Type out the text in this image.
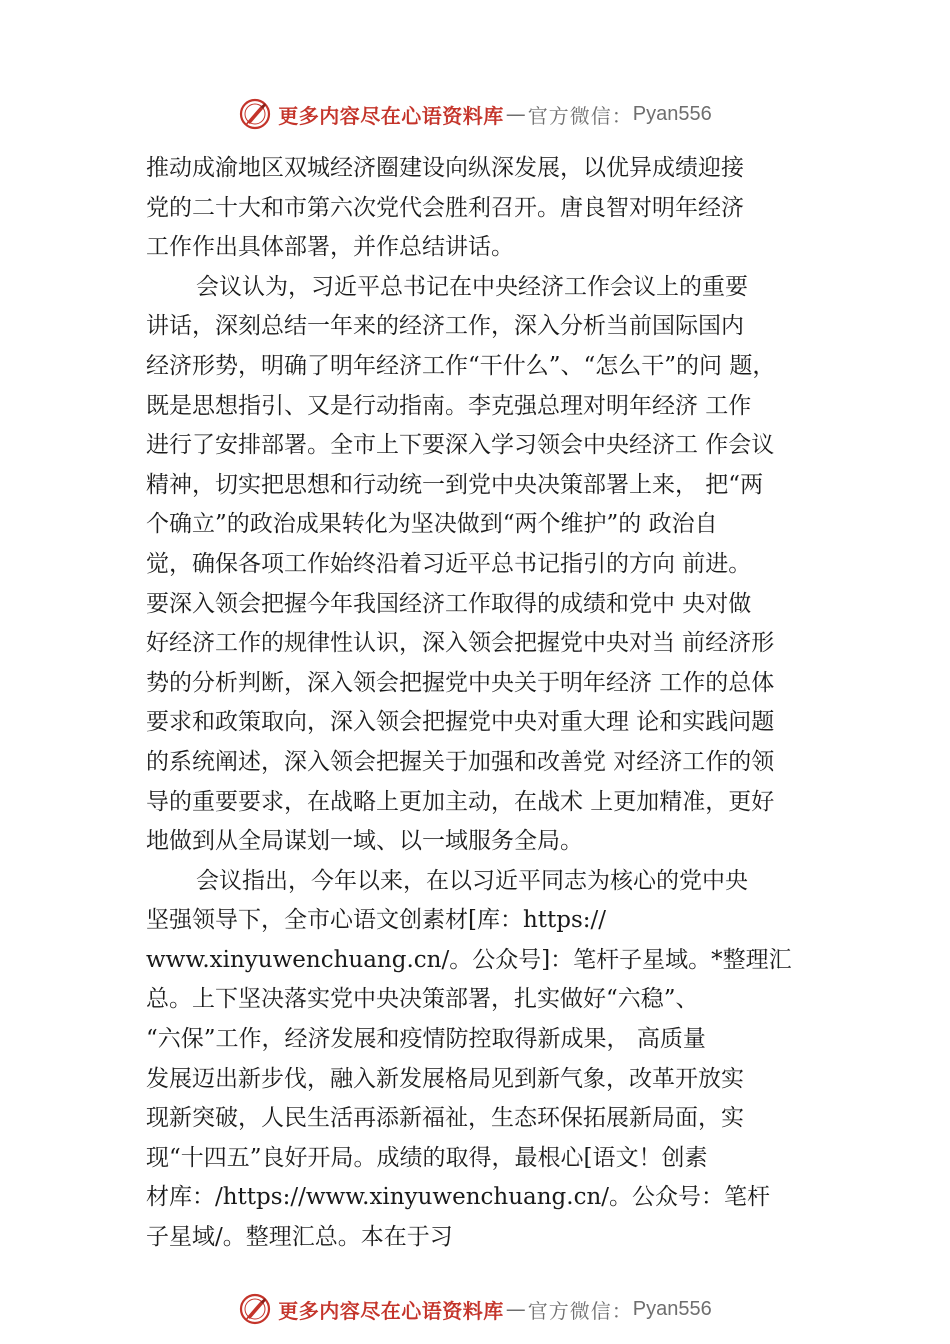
更多内容尽在心语资料库 — 官方微信： Pyan556
推动成渝地区双城经济圈建设向纵深发展，以优异成绩迎接
党的二十大和市第六次党代会胜利召开。唐良智对明年经济
工作作出具体部署，并作总结讲话。
会议认为，习近平总书记在中央经济工作会议上的重要
讲话，深刻总结一年来的经济工作，深入分析当前国际国内
经济形势，明确了明年经济工作“干什么”、“怎么干”的问 题，
既是思想指引、又是行动指南。李克强总理对明年经济 工作
进行了安排部署。全市上下要深入学习领会中央经济工 作会议
精神，切实把思想和行动统一到党中央决策部署上来， 把“两
个确立”的政治成果转化为坚决做到“两个维护”的 政治自
觉，确保各项工作始终沿着习近平总书记指引的方向 前进。
要深入领会把握今年我国经济工作取得的成绩和党中 央对做
好经济工作的规律性认识，深入领会把握党中央对当 前经济形
势的分析判断，深入领会把握党中央关于明年经济 工作的总体
要求和政策取向，深入领会把握党中央对重大理 论和实践问题
的系统阐述，深入领会把握关于加强和改善党 对经济工作的领
导的重要要求，在战略上更加主动，在战术 上更加精准，更好
地做到从全局谋划一域、以一域服务全局。
会议指出，今年以来，在以习近平同志为核心的党中央
坚强领导下，全市心语文创素材[库：https://
www.xinyuwenchuang.cn/。公众号]：笔杆子星域。*整理汇
总。上下坚决落实党中央决策部署，扎实做好“六稳”、
“六保”工作，经济发展和疫情防控取得新成果， 高质量
发展迈出新步伐，融入新发展格局见到新气象，改革开放实
现新突破，人民生活再添新福祉，生态环保拓展新局面，实
现“十四五”良好开局。成绩的取得，最根心[语文！创素
材库：/https://www.xinyuwenchuang.cn/。公众号：笔杆
子星域/。整理汇总。本在于习
更多内容尽在心语资料库 — 官方微信： Pyan556
